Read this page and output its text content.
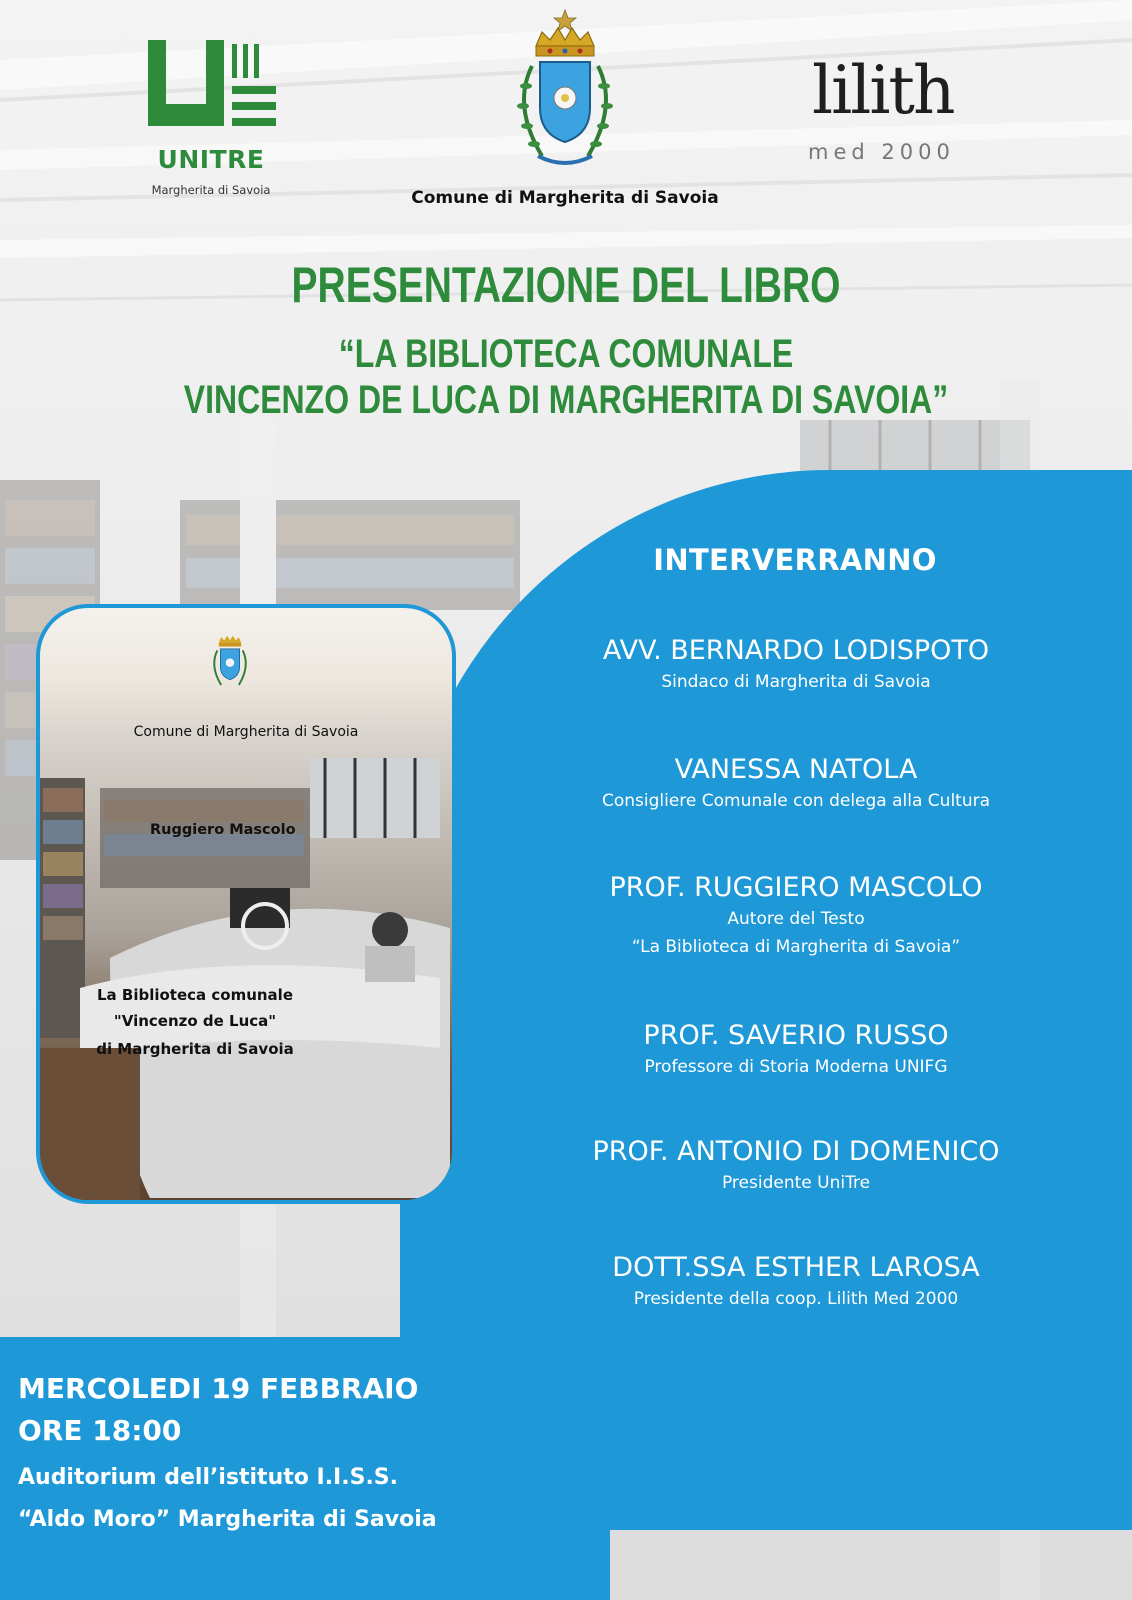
UNITRE
Margherita di Savoia	Comune di Margherita di Savoia
lilith
med 2000
PRESENTAZIONE DEL LIBRO
“LA BIBLIOTECA COMUNALE
VINCENZO DE LUCA DI MARGHERITA DI SAVOIA”
Comune di Margherita di Savoia
Ruggiero Mascolo
La Biblioteca comunale
"Vincenzo de Luca"
di Margherita di Savoia
INTERVERRANNO
AVV. BERNARDO LODISPOTO
Sindaco di Margherita di Savoia
VANESSA NATOLA
Consigliere Comunale con delega alla Cultura
PROF. RUGGIERO MASCOLO
Autore del Testo
“La Biblioteca di Margherita di Savoia”
PROF. SAVERIO RUSSO
Professore di Storia Moderna UNIFG
PROF. ANTONIO DI DOMENICO
Presidente UniTre
DOTT.SSA ESTHER LAROSA
Presidente della coop. Lilith Med 2000
MERCOLEDI 19 FEBBRAIO
ORE 18:00
Auditorium dell’istituto I.I.S.S.
“Aldo Moro” Margherita di Savoia
